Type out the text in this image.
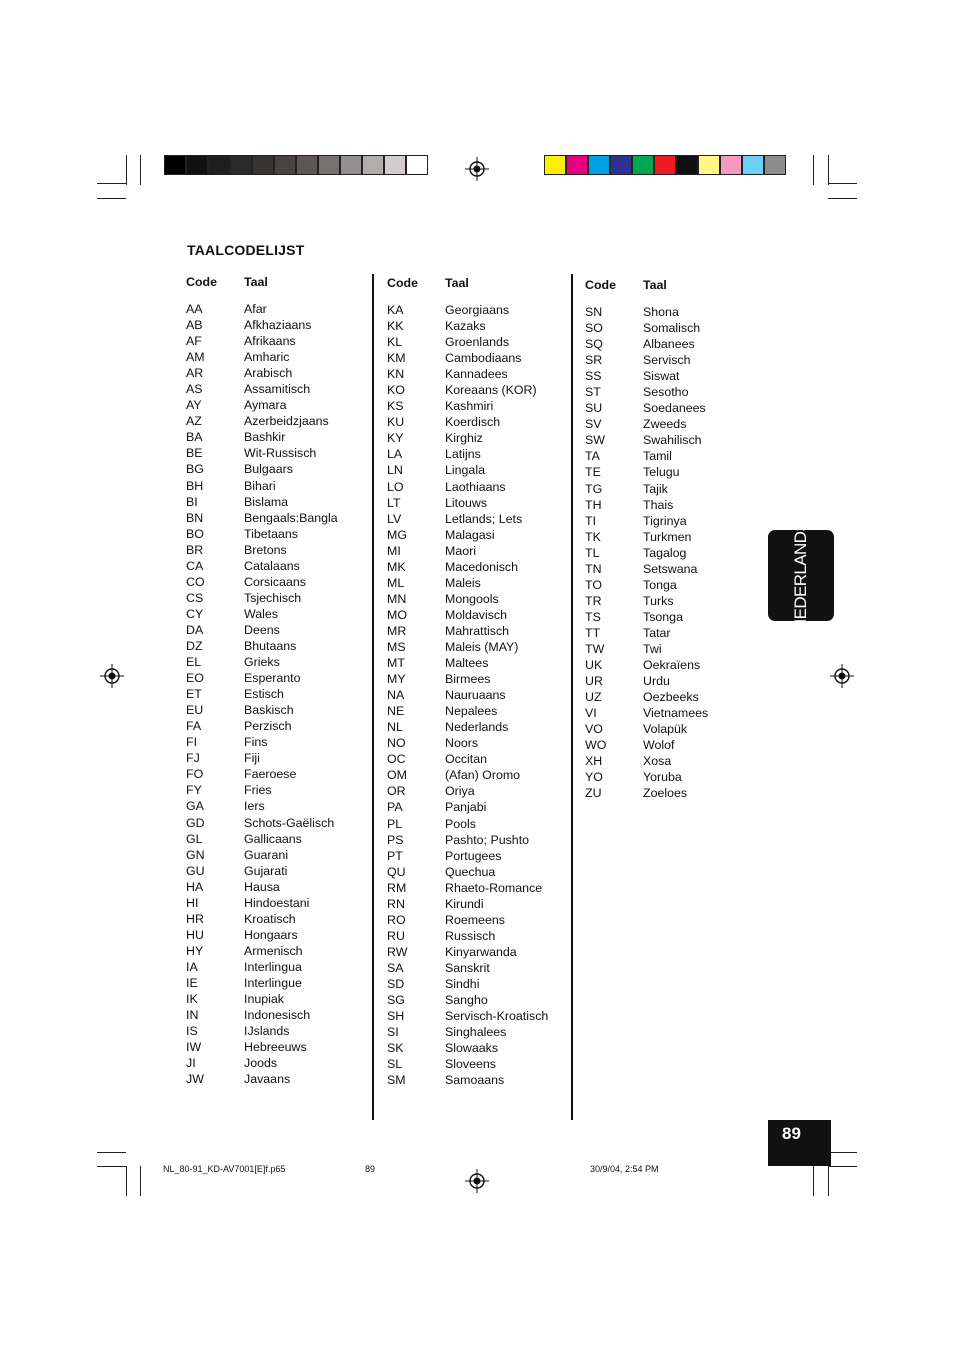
TAALCODELIJST
Code Taal
AA	Afar
AB	Afkhaziaans
AF	Afrikaans
AM	Amharic
AR	Arabisch
AS	Assamitisch
AY	Aymara
AZ	Azerbeidzjaans
BA	Bashkir
BE	Wit-Russisch
BG	Bulgaars
BH	Bihari
BI	Bislama
BN	Bengaals:Bangla
BO	Tibetaans
BR	Bretons
CA	Catalaans
CO	Corsicaans
CS	Tsjechisch
CY	Wales
DA	Deens
DZ	Bhutaans
EL	Grieks
EO	Esperanto
ET	Estisch
EU	Baskisch
FA	Perzisch
FI	Fins
FJ	Fiji
FO	Faeroese
FY	Fries
GA	Iers
GD	Schots-Gaëlisch
GL	Gallicaans
GN	Guarani
GU	Gujarati
HA	Hausa
HI	Hindoestani
HR	Kroatisch
HU	Hongaars
HY	Armenisch
IA	Interlingua
IE	Interlingue
IK	Inupiak
IN	Indonesisch
IS	IJslands
IW	Hebreeuws
JI	Joods
JW	Javaans
Code Taal
KA	Georgiaans
KK	Kazaks
KL	Groenlands
KM	Cambodiaans
KN	Kannadees
KO	Koreaans (KOR)
KS	Kashmiri
KU	Koerdisch
KY	Kirghiz
LA	Latijns
LN	Lingala
LO	Laothiaans
LT	Litouws
LV	Letlands; Lets
MG	Malagasi
MI	Maori
MK	Macedonisch
ML	Maleis
MN	Mongools
MO	Moldavisch
MR	Mahrattisch
MS	Maleis (MAY)
MT	Maltees
MY	Birmees
NA	Nauruaans
NE	Nepalees
NL	Nederlands
NO	Noors
OC	Occitan
OM	(Afan) Oromo
OR	Oriya
PA	Panjabi
PL	Pools
PS	Pashto; Pushto
PT	Portugees
QU	Quechua
RM	Rhaeto-Romance
RN	Kirundi
RO	Roemeens
RU	Russisch
RW	Kinyarwanda
SA	Sanskrit
SD	Sindhi
SG	Sangho
SH	Servisch-Kroatisch
SI	Singhalees
SK	Slowaaks
SL	Sloveens
SM	Samoaans
Code Taal
SN	Shona
SO	Somalisch
SQ	Albanees
SR	Servisch
SS	Siswat
ST	Sesotho
SU	Soedanees
SV	Zweeds
SW	Swahilisch
TA	Tamil
TE	Telugu
TG	Tajik
TH	Thais
TI	Tigrinya
TK	Turkmen
TL	Tagalog
TN	Setswana
TO	Tonga
TR	Turks
TS	Tsonga
TT	Tatar
TW	Twi
UK	Oekraïens
UR	Urdu
UZ	Oezbeeks
VI	Vietnamees
VO	Volapük
WO	Wolof
XH	Xosa
YO	Yoruba
ZU	Zoeloes
NEDERLANDS
89
NL_80-91_KD-AV7001[E]f.p65	89	30/9/04, 2:54 PM
